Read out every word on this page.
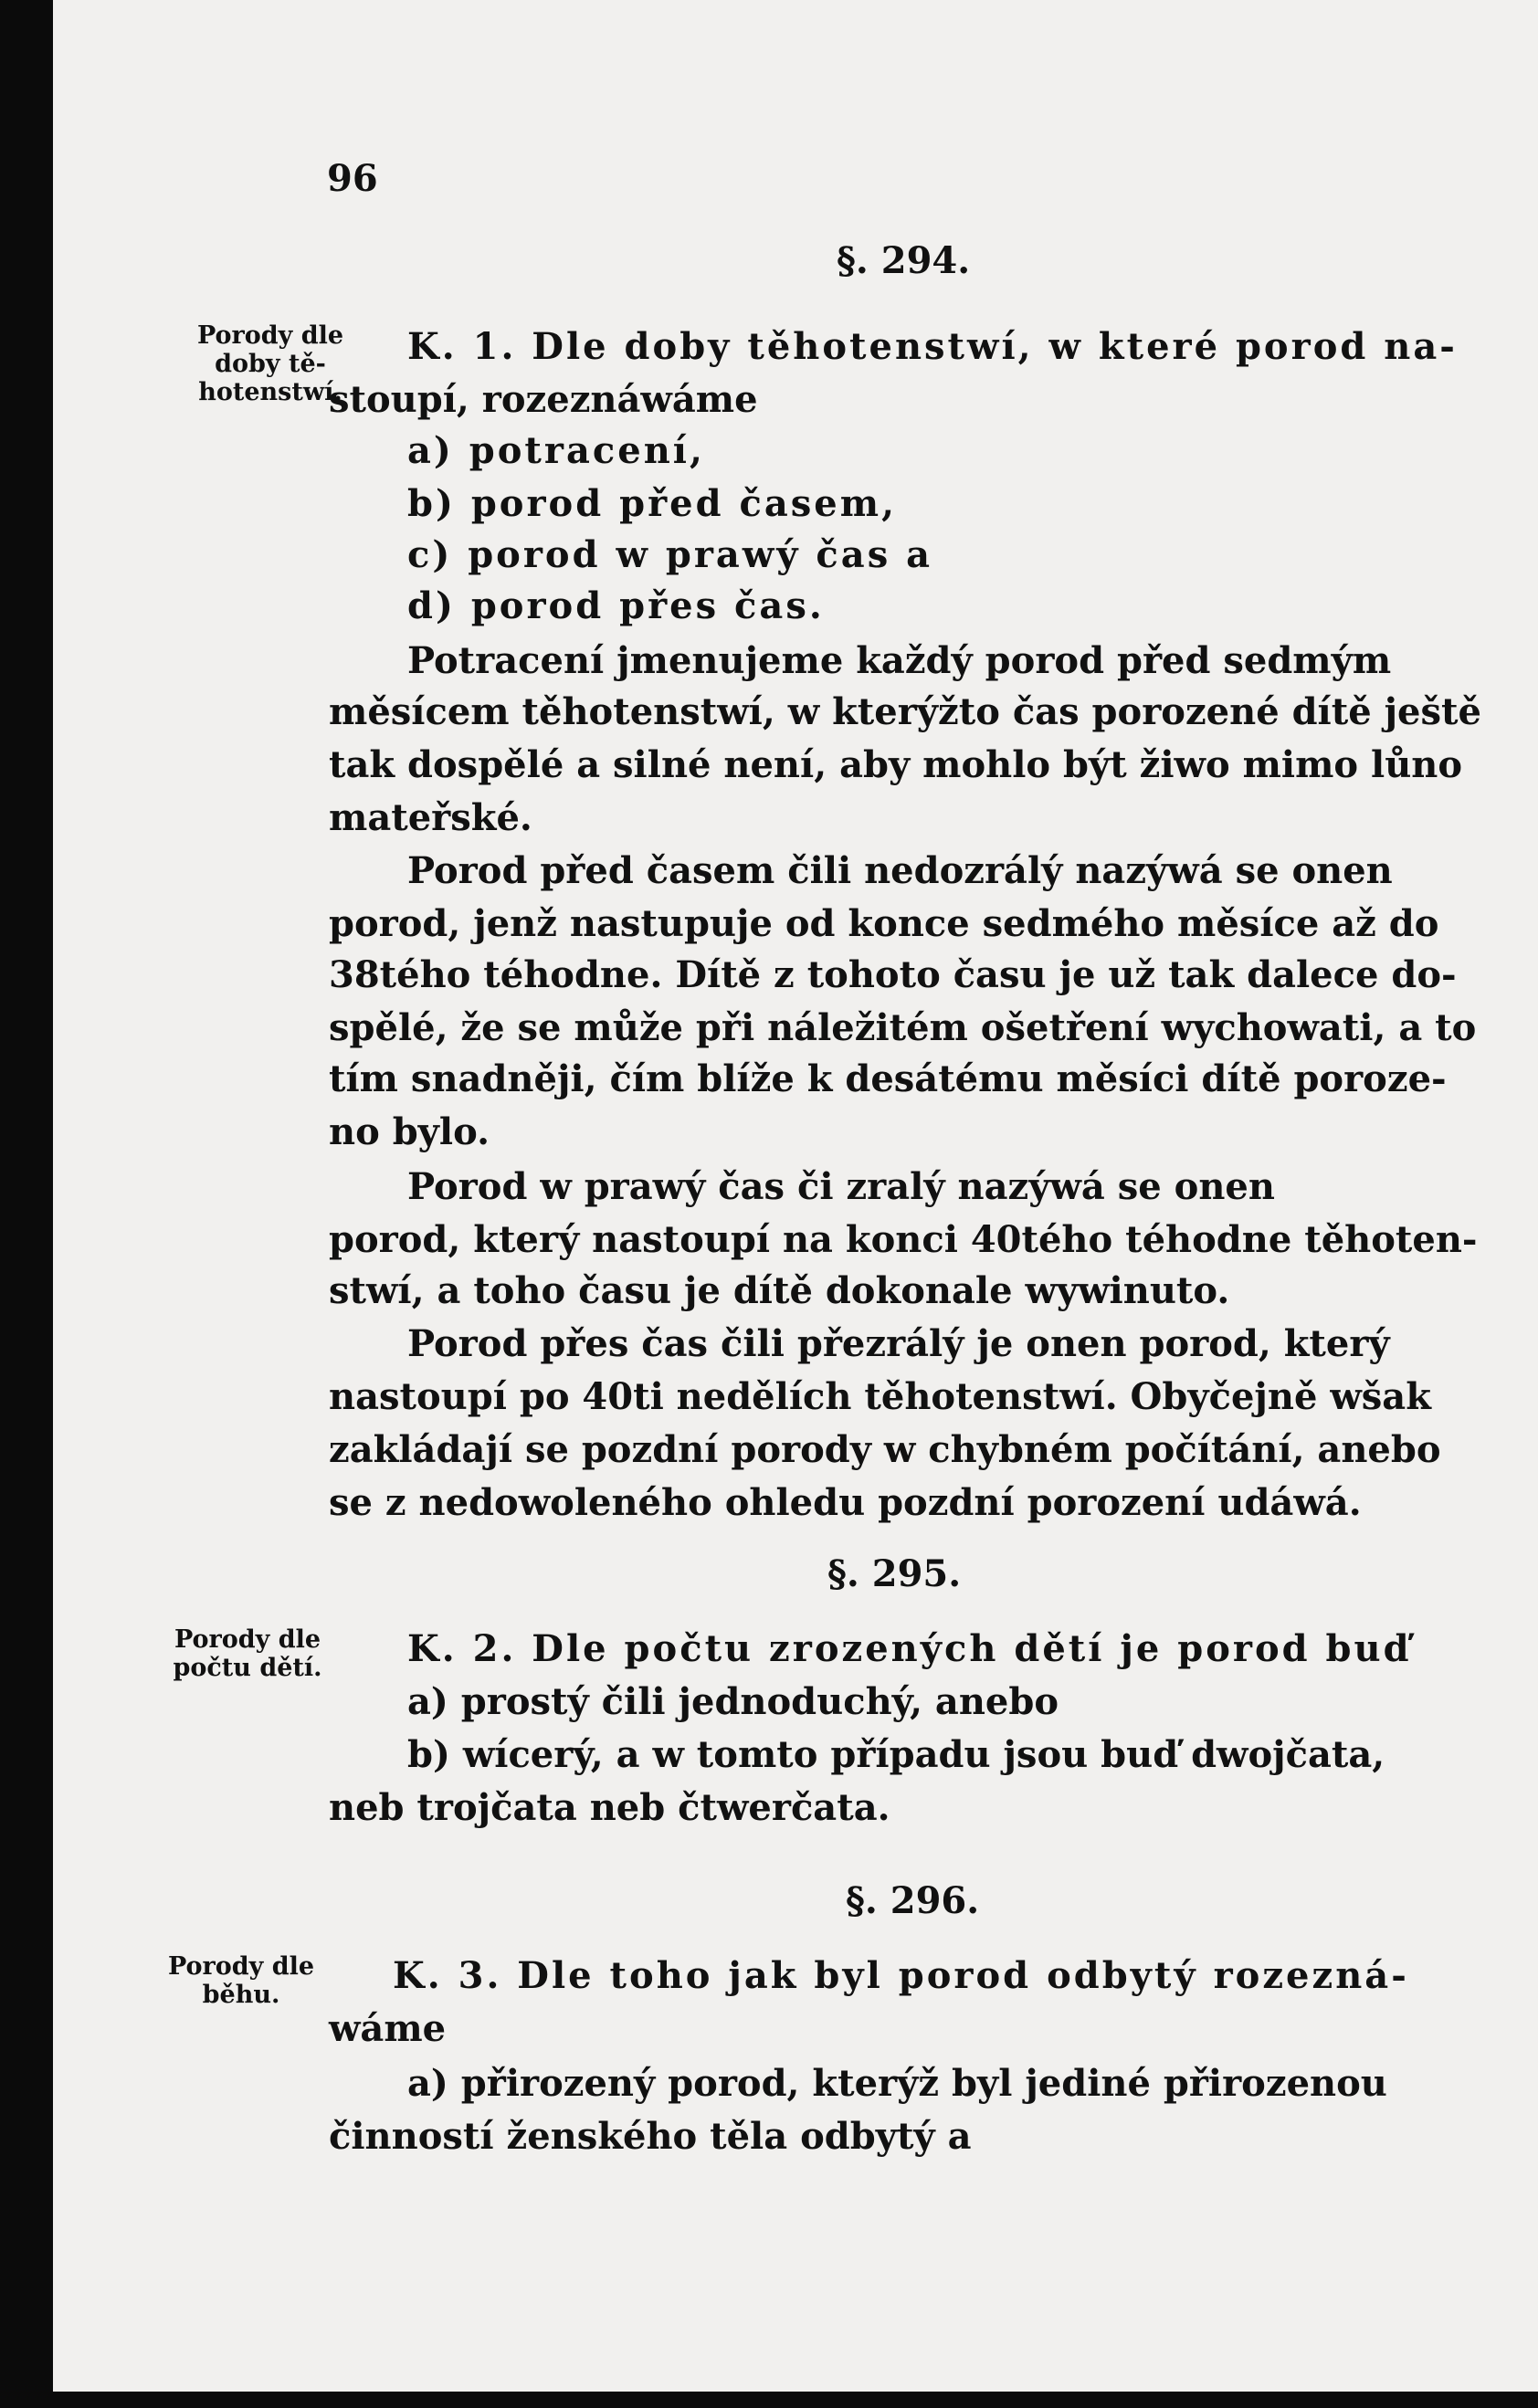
96
§. 294.
Porody dle doby tě-hotenstwí.
K. 1. Dle doby těhotenstwí, w které porod na-
stoupí, rozeznáwáme
a) potracení,
b) porod před časem,
c) porod w prawý čas a
d) porod přes čas.
Potracení jmenujeme každý porod před sedmým
měsícem těhotenstwí, w kterýžto čas porozené dítě ještě
tak dospělé a silné není, aby mohlo být žiwo mimo lůno
mateřské.
Porod před časem čili nedozrálý nazýwá se onen
porod, jenž nastupuje od konce sedmého měsíce až do
38tého téhodne. Dítě z tohoto času je už tak dalece do-
spělé, že se může při náležitém ošetření wychowati, a to
tím snadněji, čím blíže k desátému měsíci dítě poroze-
no bylo.
Porod w prawý čas či zralý nazýwá se onen
porod, který nastoupí na konci 40tého téhodne těhoten-
stwí, a toho času je dítě dokonale wywinuto.
Porod přes čas čili přezrálý je onen porod, který
nastoupí po 40ti nedělích těhotenstwí. Obyčejně wšak
zakládají se pozdní porody w chybném počítání, anebo
se z nedowoleného ohledu pozdní porození udáwá.
§. 295.
Porody dle počtu dětí.	K. 2. Dle počtu zrozených dětí je porod buď
a) prostý čili jednoduchý, anebo
b) wícerý, a w tomto případu jsou buď dwojčata,
neb trojčata neb čtwerčata.
§. 296.
Porody dle běhu.	K. 3. Dle toho jak byl porod odbytý rozezná-
wáme
a) přirozený porod, kterýž byl jediné přirozenou
činností ženského těla odbytý a
